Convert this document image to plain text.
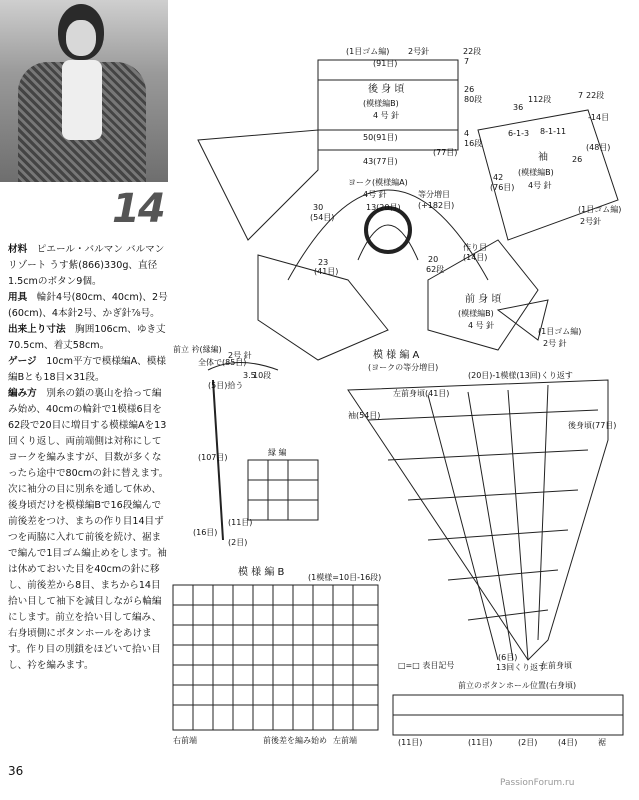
14

材料　 ピエール・バルマン バルマンリゾート うす紫(866)330g、直径1.5cmのボタン9個。

用具　 輪針4号(80cm、40cm)、2号(60cm)、4本針2号、かぎ針⅞号。

出来上り寸法　 胸囲106cm、ゆき丈70.5cm、着丈58cm。

ゲージ　 10cm平方で模様編A、模様編Bとも18目×31段。

編み方　 別糸の鎖の裏山を拾って編み始め、40cmの輪針で1模様6目を62段で20目に増目する模様編Aを13回くり返し、両前端側は対称にしてヨークを編みますが、目数が多くなったら途中で80cmの針に替えます。次に袖分の目に別糸を通して休め、後身頃だけを模様編Bで16段編んで前後差をつけ、まちの作り目14目ずつを両脇に入れて前後を続け、裾まで編んで1目ゴム編止めをします。袖は休めておいた目を40cmの針に移し、前後差から8目、まちから14目拾い目して袖下を減目しながら輪編にします。前立を拾い目して編み、右身頃側にボタンホールをあけます。作り目の別鎖をほどいて拾い目し、衿を編みます。

36
PassionForum.ru
(1目ゴム編) 2号針
(91目)
22段
7
26
80段
4
16段
後 身 頃
(模様編B)
4 号 針
50(91目)
43(77目)
ヨーク(模様編A)
4号 針	等分増目
(+182目)
13(20目)
30
(54目)
(77目)	袖
(模様編B)
4号 針
42
(76目)
36
112段
6-1-3 8-1-11
7 22段
-14目
(48目)
26
(1目ゴム編)
2号針
前 身 頃
(模様編B)
4 号 針
(1目ゴム編)
2号 針
23
(41目)
20
62段
作り目
(14目)
前立 衿(縁編)
全体で(85目)
2号 針
3.5
10段
(5目)拾う
(107目)
(11目)
(16目)
(2目)
縁 編
模 様 編 A
(ヨークの等分増目)
(20目)-1模様(13回)くり返す
左前身頃(41目)
袖(54目)
後身頃(77目)
(6目)
13回くり返す
□=□ 表目記号	左前身頃
模 様 編 B	(1模様=10目-16段)
右前端	前後差を編み始め 左前端
前立のボタンホール位置(右身頃)
(11目)	(11目)	(2目)	(4目)	裾
